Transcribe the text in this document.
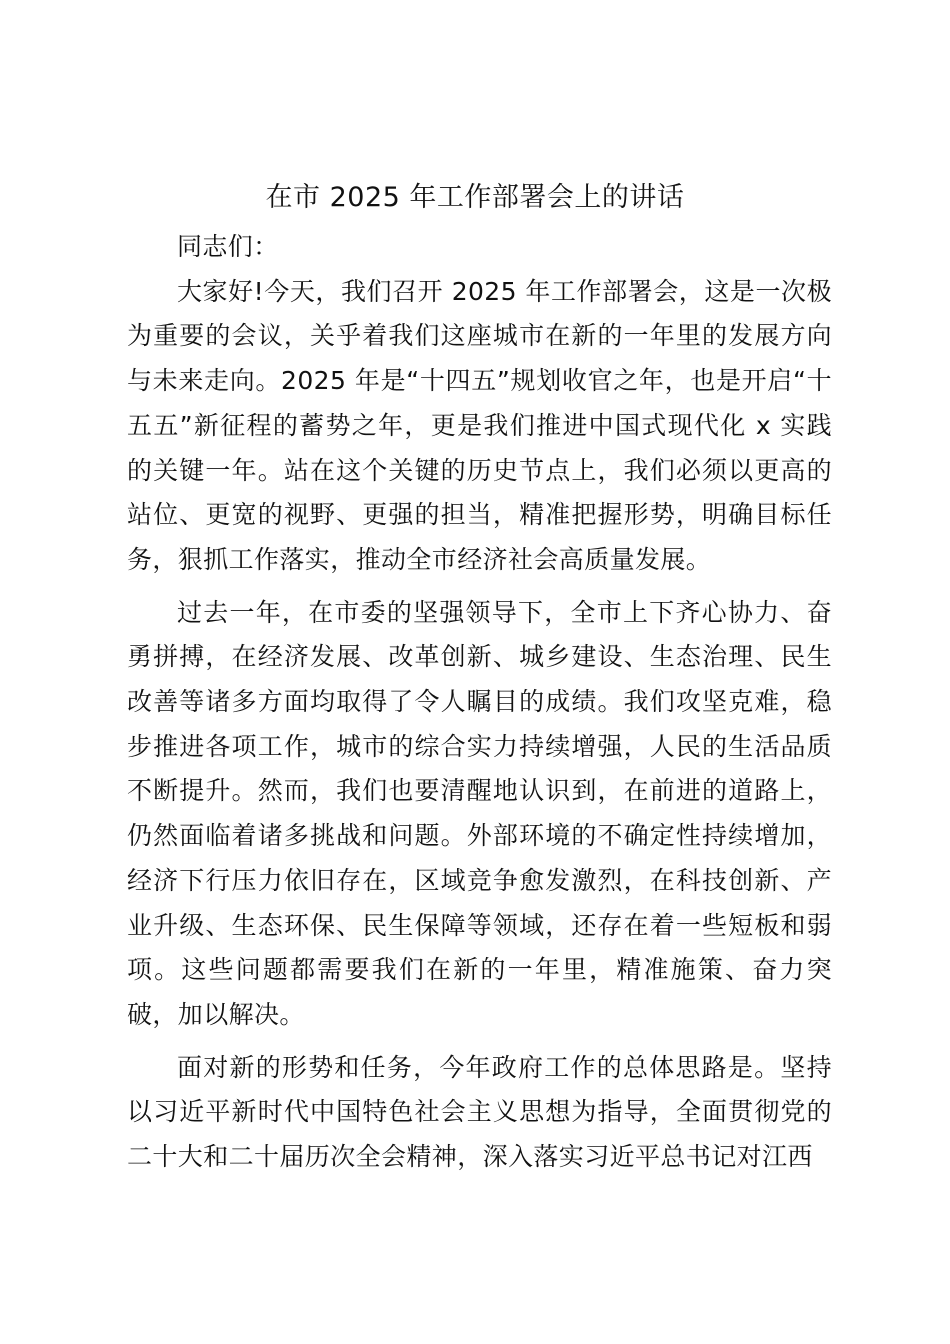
在市 2025 年工作部署会上的讲话

同志们：

大家好!今天，我们召开 2025 年工作部署会，这是一次极为重要的会议，关乎着我们这座城市在新的一年里的发展方向与未来走向。2025 年是“十四五”规划收官之年，也是开启“十五五”新征程的蓄势之年，更是我们推进中国式现代化 x 实践的关键一年。站在这个关键的历史节点上，我们必须以更高的站位、更宽的视野、更强的担当，精准把握形势，明确目标任务，狠抓工作落实，推动全市经济社会高质量发展。

过去一年，在市委的坚强领导下，全市上下齐心协力、奋勇拼搏，在经济发展、改革创新、城乡建设、生态治理、民生改善等诸多方面均取得了令人瞩目的成绩。我们攻坚克难，稳步推进各项工作，城市的综合实力持续增强，人民的生活品质不断提升。然而，我们也要清醒地认识到，在前进的道路上，仍然面临着诸多挑战和问题。外部环境的不确定性持续增加，经济下行压力依旧存在，区域竞争愈发激烈，在科技创新、产业升级、生态环保、民生保障等领域，还存在着一些短板和弱项。这些问题都需要我们在新的一年里，精准施策、奋力突破，加以解决。

面对新的形势和任务，今年政府工作的总体思路是。坚持以习近平新时代中国特色社会主义思想为指导，全面贯彻党的二十大和二十届历次全会精神，深入落实习近平总书记对江西
